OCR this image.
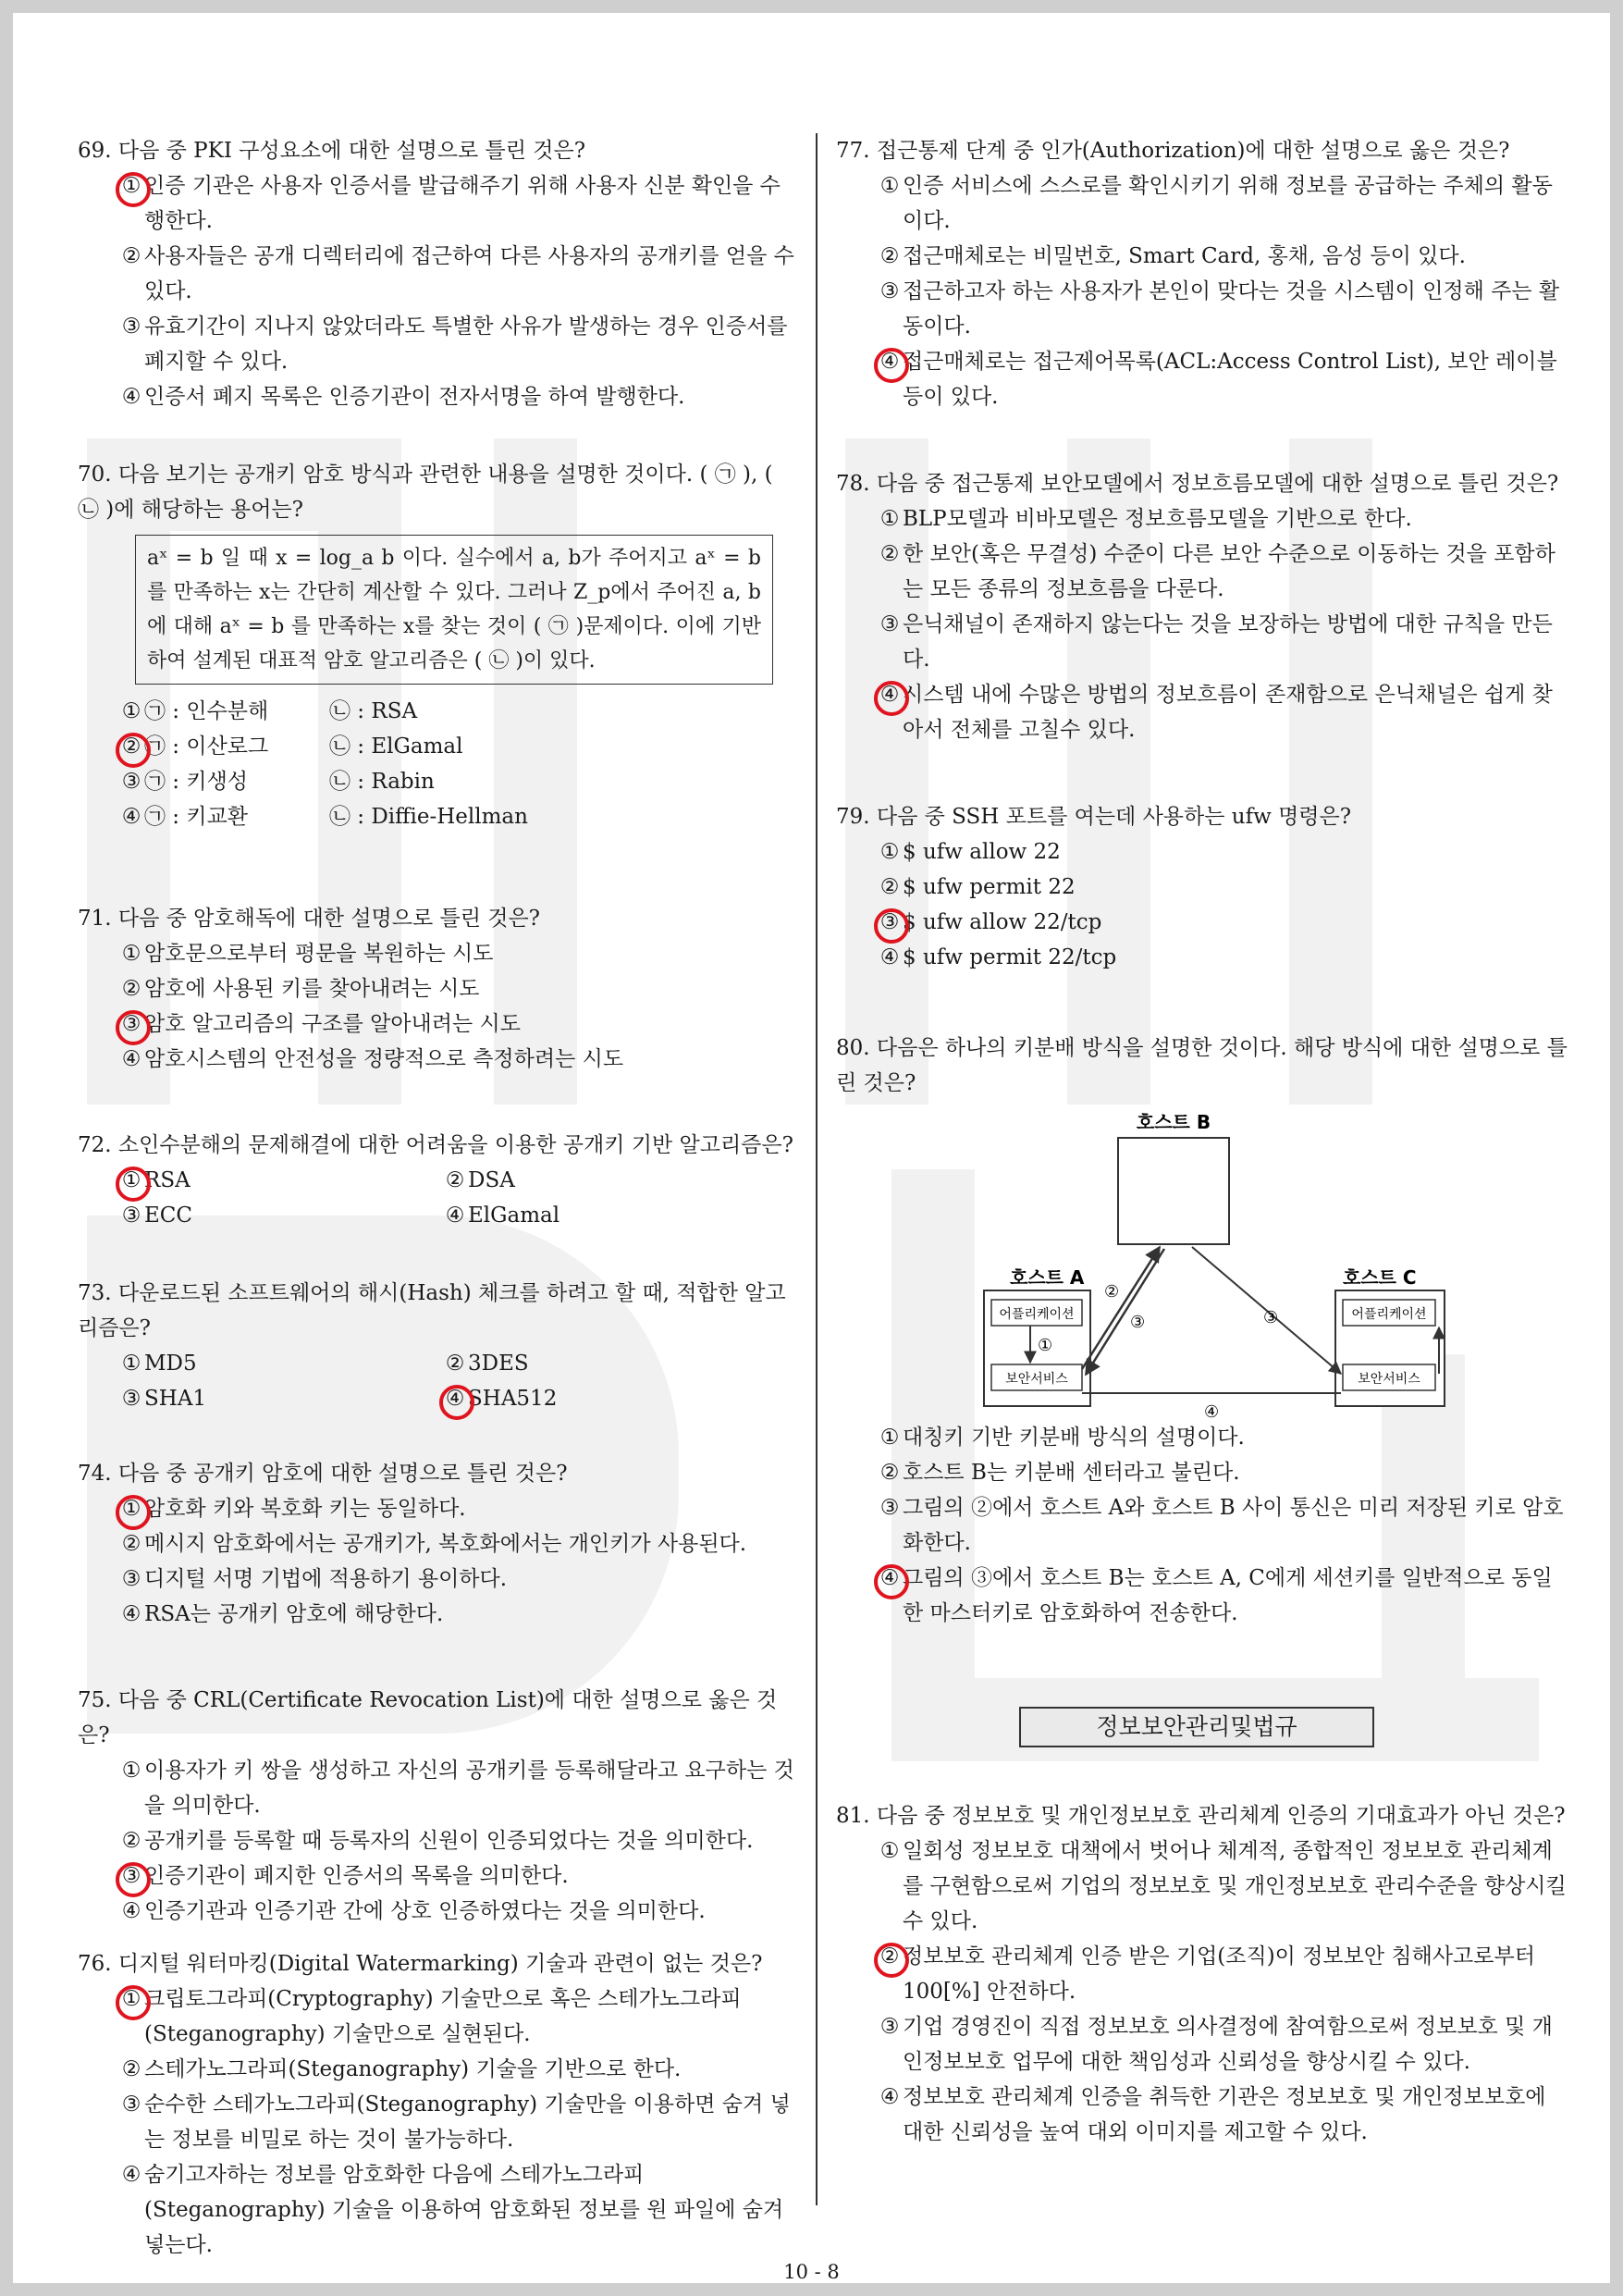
69. 다음 중 PKI 구성요소에 대한 설명으로 틀린 것은?

① 인증 기관은 사용자 인증서를 발급해주기 위해 사용자 신분 확인을 수행한다.

② 사용자들은 공개 디렉터리에 접근하여 다른 사용자의 공개키를 얻을 수 있다.

③ 유효기간이 지나지 않았더라도 특별한 사유가 발생하는 경우 인증서를 폐지할 수 있다.

④ 인증서 폐지 목록은 인증기관이 전자서명을 하여 발행한다.

70. 다음 보기는 공개키 암호 방식과 관련한 내용을 설명한 것이다. ( ㉠ ), ( ㉡ )에 해당하는 용어는?

aˣ = b 일 때 x = log_a b 이다. 실수에서 a, b가 주어지고 aˣ = b 를 만족하는 x는 간단히 계산할 수 있다. 그러나 Z_p에서 주어진 a, b에 대해 aˣ = b 를 만족하는 x를 찾는 것이 ( ㉠ )문제이다. 이에 기반하여 설계된 대표적 암호 알고리즘은 ( ㉡ )이 있다.

① ㉠ : 인수분해	㉡ : RSA

② ㉠ : 이산로그	㉡ : ElGamal

③ ㉠ : 키생성	㉡ : Rabin

④ ㉠ : 키교환	㉡ : Diffie-Hellman

71. 다음 중 암호해독에 대한 설명으로 틀린 것은?

① 암호문으로부터 평문을 복원하는 시도

② 암호에 사용된 키를 찾아내려는 시도

③ 암호 알고리즘의 구조를 알아내려는 시도

④ 암호시스템의 안전성을 정량적으로 측정하려는 시도

72. 소인수분해의 문제해결에 대한 어려움을 이용한 공개키 기반 알고리즘은?

① RSA	② DSA

③ ECC	④ ElGamal

73. 다운로드된 소프트웨어의 해시(Hash) 체크를 하려고 할 때, 적합한 알고리즘은?

① MD5	② 3DES

③ SHA1	④ SHA512

74. 다음 중 공개키 암호에 대한 설명으로 틀린 것은?

① 암호화 키와 복호화 키는 동일하다.

② 메시지 암호화에서는 공개키가, 복호화에서는 개인키가 사용된다.

③ 디지털 서명 기법에 적용하기 용이하다.

④ RSA는 공개키 암호에 해당한다.

75. 다음 중 CRL(Certificate Revocation List)에 대한 설명으로 옳은 것은?

① 이용자가 키 쌍을 생성하고 자신의 공개키를 등록해달라고 요구하는 것을 의미한다.

② 공개키를 등록할 때 등록자의 신원이 인증되었다는 것을 의미한다.

③ 인증기관이 폐지한 인증서의 목록을 의미한다.

④ 인증기관과 인증기관 간에 상호 인증하였다는 것을 의미한다.

76. 디지털 워터마킹(Digital Watermarking) 기술과 관련이 없는 것은?

① 크립토그라피(Cryptography) 기술만으로 혹은 스테가노그라피(Steganography) 기술만으로 실현된다.

② 스테가노그라피(Steganography) 기술을 기반으로 한다.

③ 순수한 스테가노그라피(Steganography) 기술만을 이용하면 숨겨 넣는 정보를 비밀로 하는 것이 불가능하다.

④ 숨기고자하는 정보를 암호화한 다음에 스테가노그라피(Steganography) 기술을 이용하여 암호화된 정보를 원 파일에 숨겨 넣는다.

77. 접근통제 단계 중 인가(Authorization)에 대한 설명으로 옳은 것은?

① 인증 서비스에 스스로를 확인시키기 위해 정보를 공급하는 주체의 활동이다.

② 접근매체로는 비밀번호, Smart Card, 홍채, 음성 등이 있다.

③ 접근하고자 하는 사용자가 본인이 맞다는 것을 시스템이 인정해 주는 활동이다.

④ 접근매체로는 접근제어목록(ACL:Access Control List), 보안 레이블 등이 있다.

78. 다음 중 접근통제 보안모델에서 정보흐름모델에 대한 설명으로 틀린 것은?

① BLP모델과 비바모델은 정보흐름모델을 기반으로 한다.

② 한 보안(혹은 무결성) 수준이 다른 보안 수준으로 이동하는 것을 포함하는 모든 종류의 정보흐름을 다룬다.

③ 은닉채널이 존재하지 않는다는 것을 보장하는 방법에 대한 규칙을 만든다.

④ 시스템 내에 수많은 방법의 정보흐름이 존재함으로 은닉채널은 쉽게 찾아서 전체를 고칠수 있다.

79. 다음 중 SSH 포트를 여는데 사용하는 ufw 명령은?

① $ ufw allow 22

② $ ufw permit 22

③ $ ufw allow 22/tcp

④ $ ufw permit 22/tcp

80. 다음은 하나의 키분배 방식을 설명한 것이다. 해당 방식에 대한 설명으로 틀린 것은?

호스트 B
호스트 A
어플리케이션
보안서비스
①
호스트 C
어플리케이션
보안서비스
②
③	③
④

① 대칭키 기반 키분배 방식의 설명이다.

② 호스트 B는 키분배 센터라고 불린다.

③ 그림의 ②에서 호스트 A와 호스트 B 사이 통신은 미리 저장된 키로 암호화한다.

④ 그림의 ③에서 호스트 B는 호스트 A, C에게 세션키를 일반적으로 동일한 마스터키로 암호화하여 전송한다.

81. 다음 중 정보보호 및 개인정보보호 관리체계 인증의 기대효과가 아닌 것은?

① 일회성 정보보호 대책에서 벗어나 체계적, 종합적인 정보보호 관리체계를 구현함으로써 기업의 정보보호 및 개인정보보호 관리수준을 향상시킬 수 있다.

② 정보보호 관리체계 인증 받은 기업(조직)이 정보보안 침해사고로부터 100[%] 안전하다.

③ 기업 경영진이 직접 정보보호 의사결정에 참여함으로써 정보보호 및 개인정보보호 업무에 대한 책임성과 신뢰성을 향상시킬 수 있다.

④ 정보보호 관리체계 인증을 취득한 기관은 정보보호 및 개인정보보호에 대한 신뢰성을 높여 대외 이미지를 제고할 수 있다.

정보보안관리및법규
10 - 8
